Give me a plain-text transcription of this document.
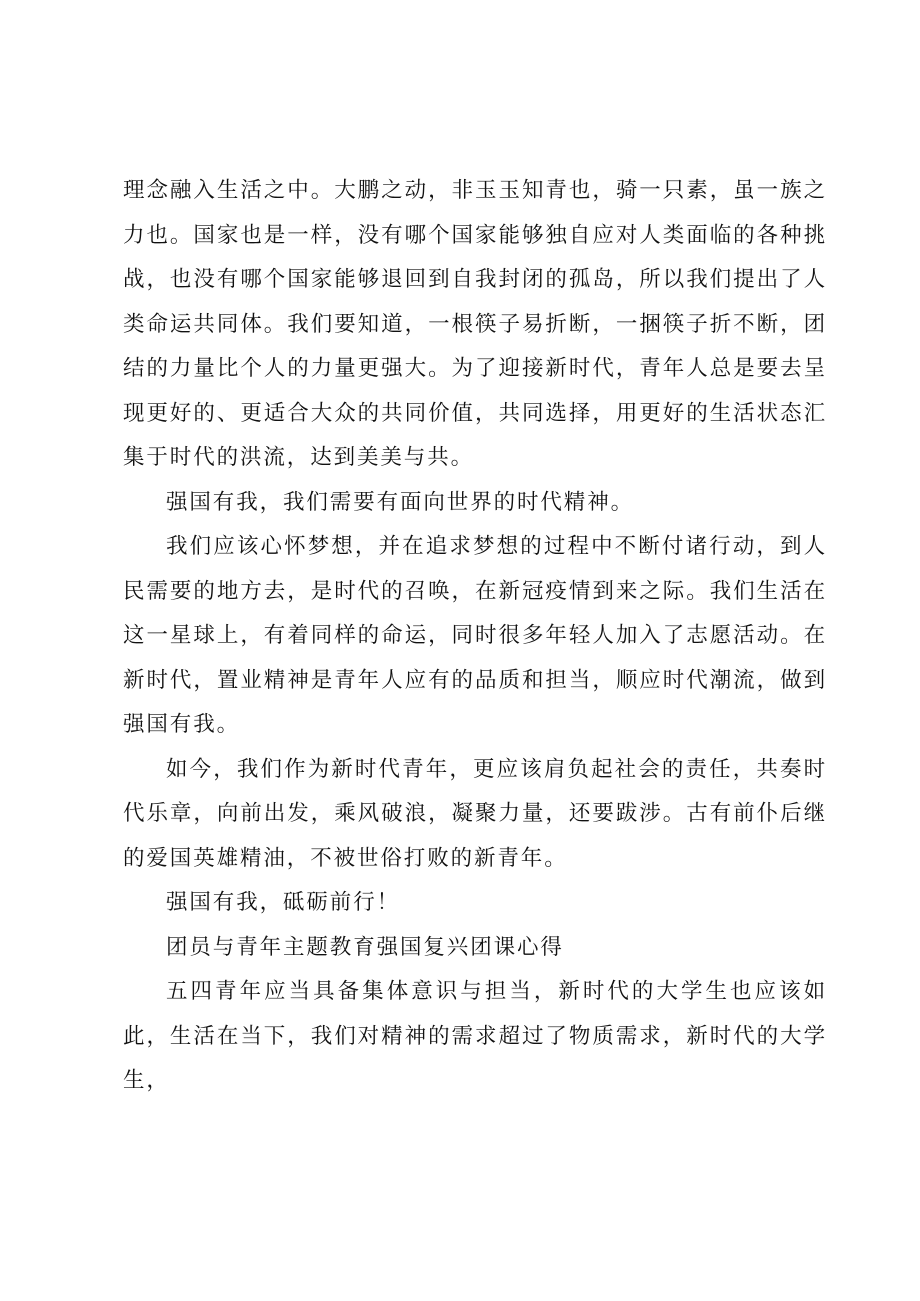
理念融入生活之中。大鹏之动，非玉玉知青也，骑一只素，虽一族之力也。国家也是一样，没有哪个国家能够独自应对人类面临的各种挑战，也没有哪个国家能够退回到自我封闭的孤岛，所以我们提出了人类命运共同体。我们要知道，一根筷子易折断，一捆筷子折不断，团结的力量比个人的力量更强大。为了迎接新时代，青年人总是要去呈现更好的、更适合大众的共同价值，共同选择，用更好的生活状态汇集于时代的洪流，达到美美与共。

强国有我，我们需要有面向世界的时代精神。

我们应该心怀梦想，并在追求梦想的过程中不断付诸行动，到人民需要的地方去，是时代的召唤，在新冠疫情到来之际。我们生活在这一星球上，有着同样的命运，同时很多年轻人加入了志愿活动。在新时代，置业精神是青年人应有的品质和担当，顺应时代潮流，做到强国有我。

如今，我们作为新时代青年，更应该肩负起社会的责任，共奏时代乐章，向前出发，乘风破浪，凝聚力量，还要跋涉。古有前仆后继的爱国英雄精油，不被世俗打败的新青年。

强国有我，砥砺前行！

团员与青年主题教育强国复兴团课心得

五四青年应当具备集体意识与担当，新时代的大学生也应该如此，生活在当下，我们对精神的需求超过了物质需求，新时代的大学生，
